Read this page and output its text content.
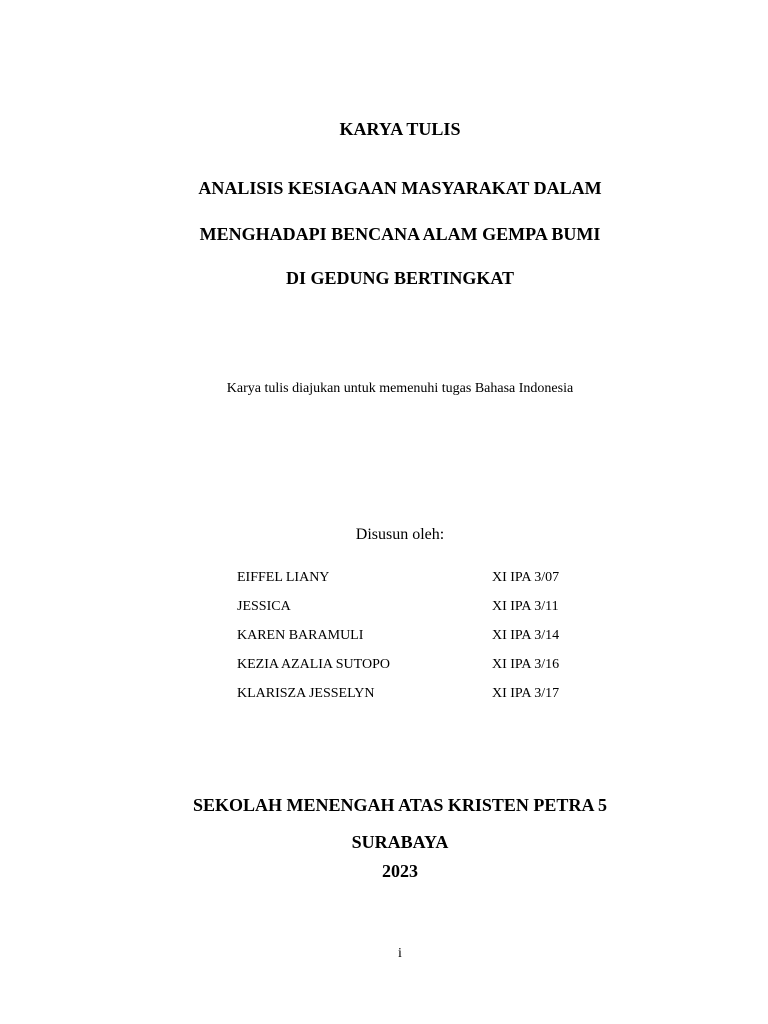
KARYA TULIS
ANALISIS KESIAGAAN MASYARAKAT DALAM
MENGHADAPI BENCANA ALAM GEMPA BUMI
DI GEDUNG BERTINGKAT
Karya tulis diajukan untuk memenuhi tugas Bahasa Indonesia
Disusun oleh:
EIFFEL LIANY	XI IPA 3/07
JESSICA	XI IPA 3/11
KAREN BARAMULI	XI IPA 3/14
KEZIA AZALIA SUTOPO	XI IPA 3/16
KLARISZA JESSELYN	XI IPA 3/17
SEKOLAH MENENGAH ATAS KRISTEN PETRA 5
SURABAYA
2023
i
